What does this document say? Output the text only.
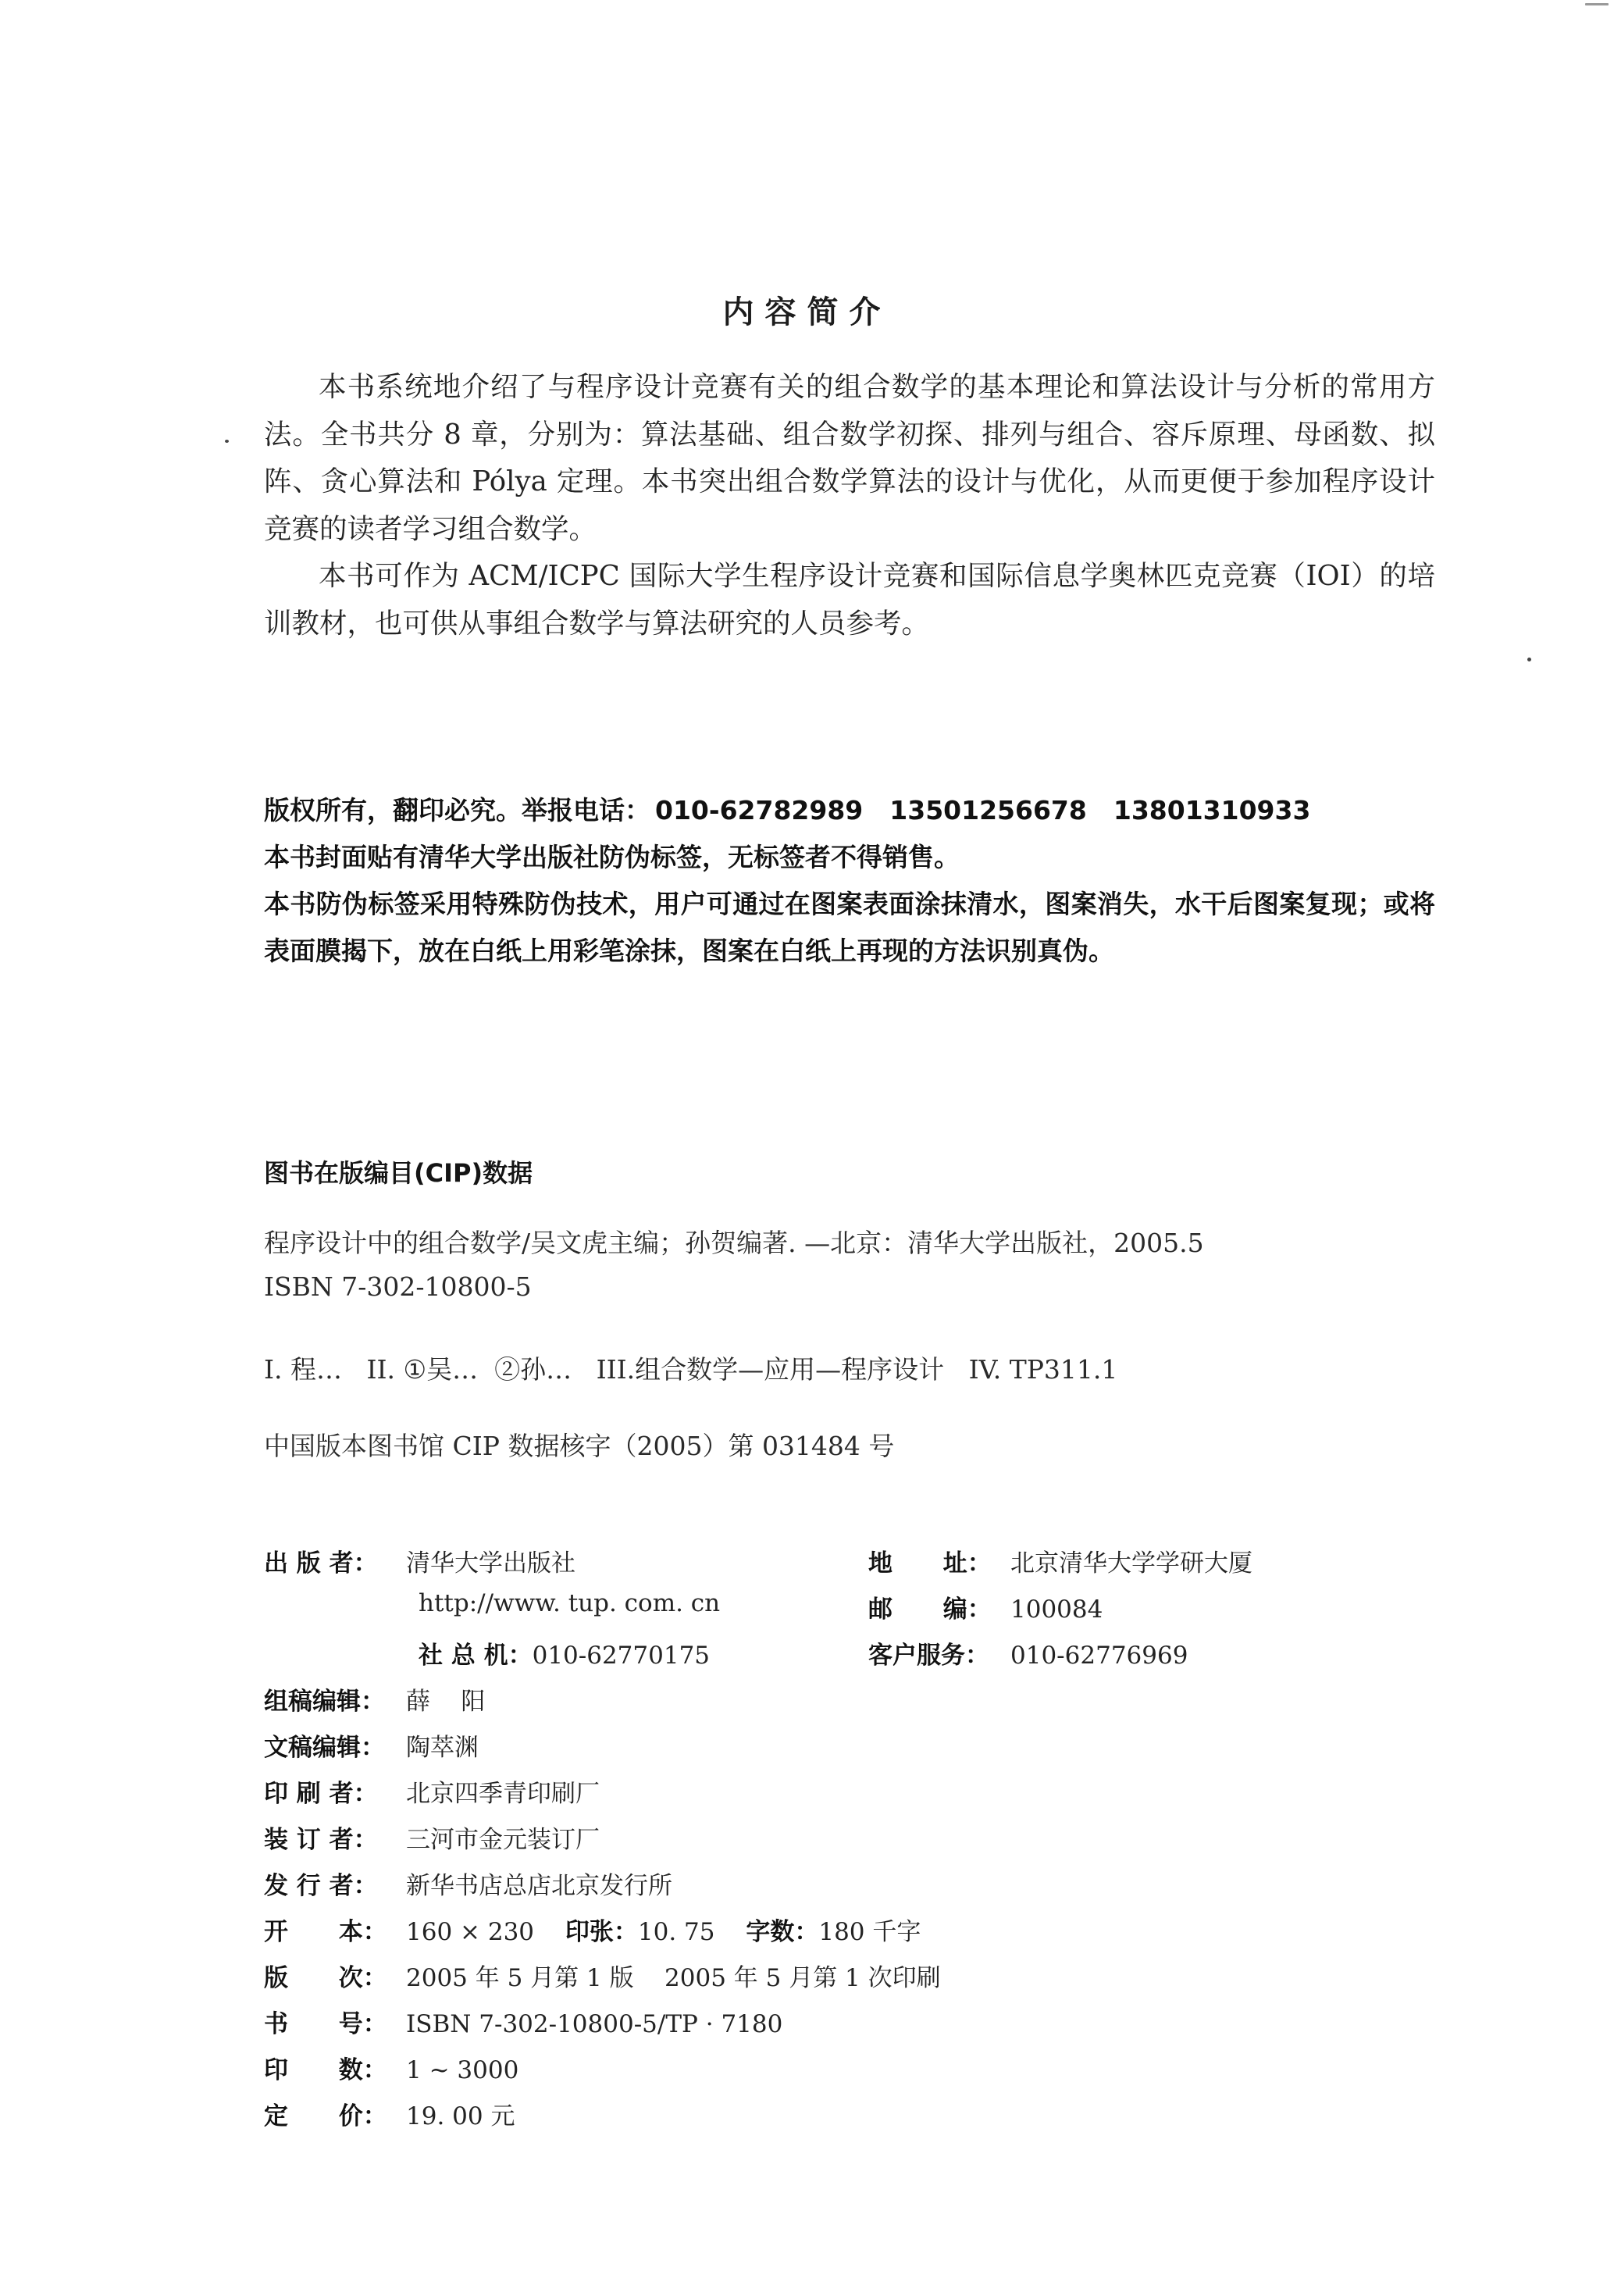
内容简介

本书系统地介绍了与程序设计竞赛有关的组合数学的基本理论和算法设计与分析的常用方法。全书共分 8 章，分别为：算法基础、组合数学初探、排列与组合、容斥原理、母函数、拟阵、贪心算法和 Pólya 定理。本书突出组合数学算法的设计与优化，从而更便于参加程序设计竞赛的读者学习组合数学。

本书可作为 ACM/ICPC 国际大学生程序设计竞赛和国际信息学奥林匹克竞赛（IOI）的培训教材，也可供从事组合数学与算法研究的人员参考。

版权所有，翻印必究。举报电话： 010-62782989 13501256678 13801310933

本书封面贴有清华大学出版社防伪标签，无标签者不得销售。

本书防伪标签采用特殊防伪技术，用户可通过在图案表面涂抹清水，图案消失，水干后图案复现；或将表面膜揭下，放在白纸上用彩笔涂抹，图案在白纸上再现的方法识别真伪。

图书在版编目(CIP)数据
程序设计中的组合数学/吴文虎主编；孙贺编著. —北京：清华大学出版社，2005.5
ISBN 7-302-10800-5
I. 程…   II. ①吴…  ②孙…   III.组合数学—应用—程序设计   IV. TP311.1
中国版本图书馆 CIP 数据核字（2005）第 031484 号
出 版 者： 清华大学出版社	地      址： 北京清华大学学研大厦
http://www. tup. com. cn	邮      编： 100084
社 总 机：010-62770175	客户服务： 010-62776969
组稿编辑： 薛    阳
文稿编辑： 陶萃渊
印 刷 者： 北京四季青印刷厂
装 订 者： 三河市金元装订厂
发 行 者： 新华书店总店北京发行所
开      本： 160 × 230 印张：10. 75 字数：180 千字
版      次： 2005 年 5 月第 1 版    2005 年 5 月第 1 次印刷
书      号： ISBN 7-302-10800-5/TP · 7180
印      数： 1 ~ 3000
定      价： 19. 00 元
